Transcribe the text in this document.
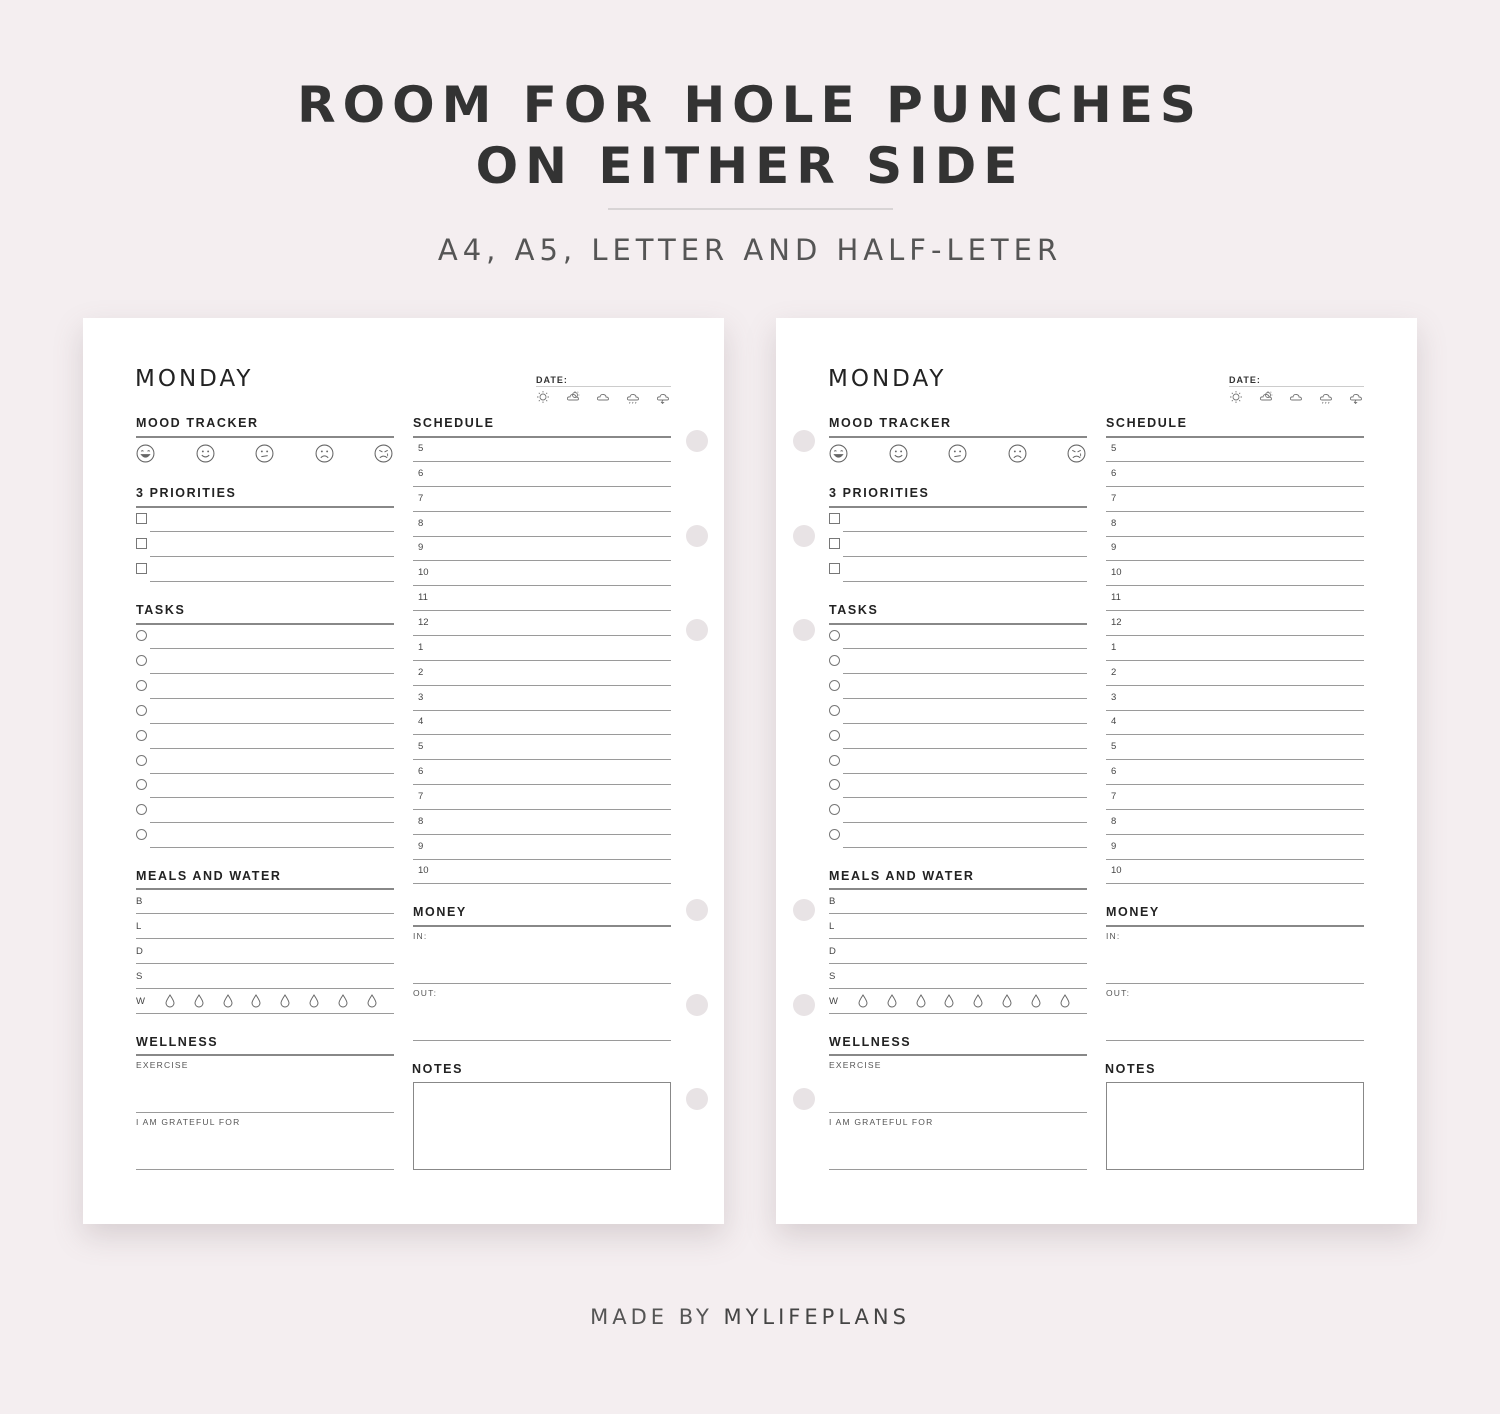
ROOM FOR HOLE PUNCHES
ON EITHER SIDE
A4, A5, LETTER AND HALF-LETER
MONDAY	DATE:
MOOD TRACKER
3 PRIORITIES
TASKS
MEALS AND WATER
B
L
D
S
W
WELLNESS
EXERCISE
I AM GRATEFUL FOR
SCHEDULE
5
6
7
8
9
10
11
12
1
2
3
4
5
6
7
8
9
10
MONEY
IN:
OUT:
NOTES
MONDAY	DATE:
MOOD TRACKER
3 PRIORITIES
TASKS
MEALS AND WATER
B
L
D
S
W
WELLNESS
EXERCISE
I AM GRATEFUL FOR
SCHEDULE
5
6
7
8
9
10
11
12
1
2
3
4
5
6
7
8
9
10
MONEY
IN:
OUT:
NOTES
MADE BY MYLIFEPLANS
